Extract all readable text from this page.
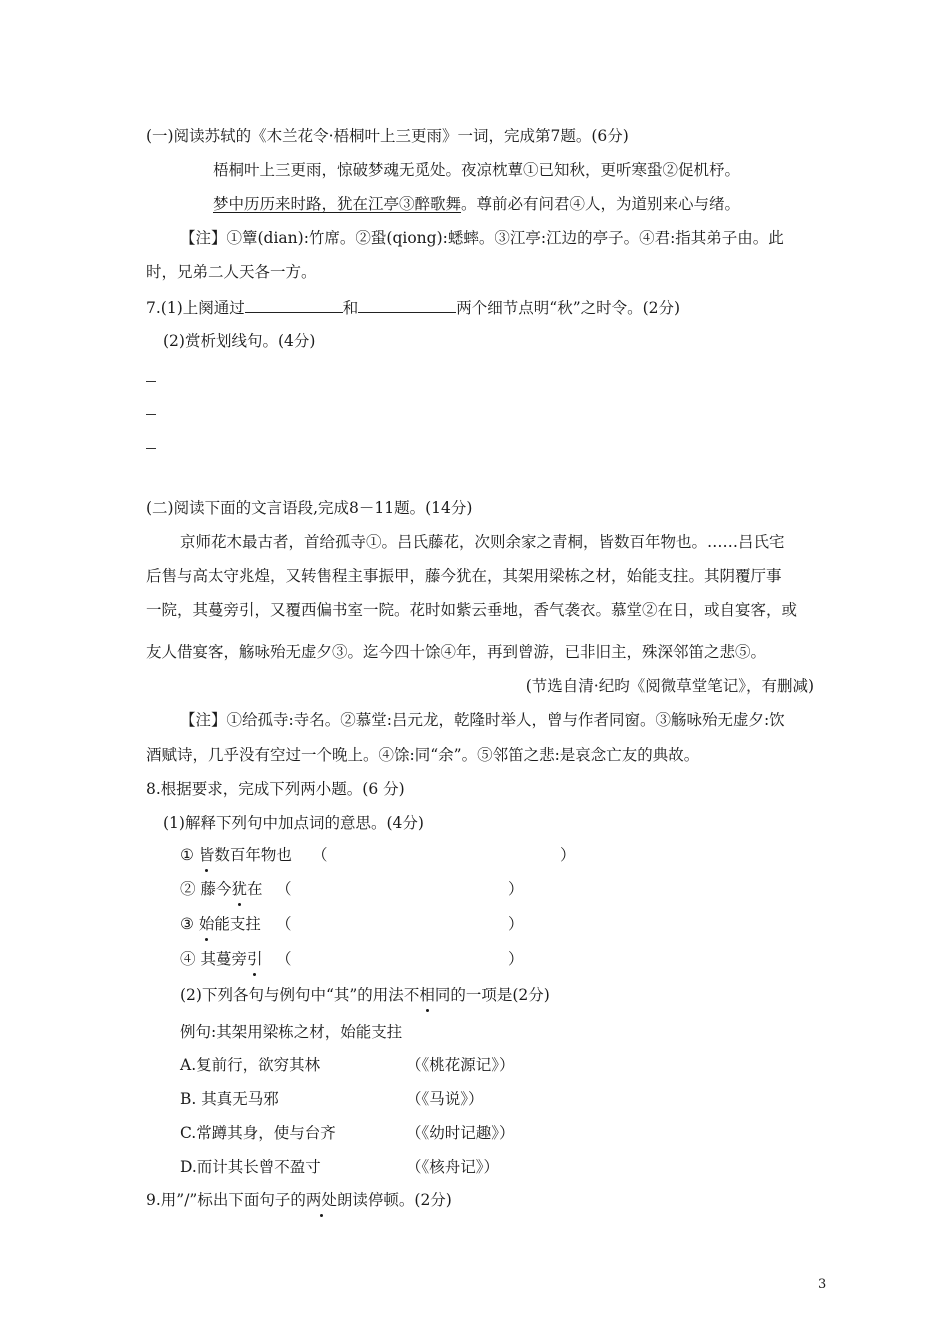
(一)阅读苏轼的《木兰花令·梧桐叶上三更雨》一词，完成第7题。(6分)
梧桐叶上三更雨，惊破梦魂无觅处。夜凉枕蕈①已知秋，更听寒蛩②促机杼。
梦中历历来时路，犹在江亭③醉歌舞。尊前必有问君④人，为道别来心与绪。
【注】①簟(dian):竹席。②蛩(qiong):蟋蟀。③江亭:江边的亭子。④君:指其弟子由。此
时，兄弟二人天各一方。
7.(1)上阕通过	和	两个细节点明“秋”之时令。(2分)
(2)赏析划线句。(4分)
(二)阅读下面的文言语段,完成8－11题。(14分)
京师花木最古者，首给孤寺①。吕氏藤花，次则余家之青桐，皆数百年物也。……吕氏宅
后售与高太守兆煌，又转售程主事振甲，藤今犹在，其架用梁栋之材，始能支拄。其阴覆厅事
一院，其蔓旁引，又覆西偏书室一院。花时如紫云垂地，香气袭衣。慕堂②在日，或自宴客，或
友人借宴客，觞咏殆无虚夕③。迄今四十馀④年，再到曾游，已非旧主，殊深邻笛之悲⑤。
(节选自清·纪昀《阅微草堂笔记》，有删减)
【注】①给孤寺:寺名。②慕堂:吕元龙，乾隆时举人，曾与作者同窗。③觞咏殆无虚夕:饮
酒赋诗，几乎没有空过一个晚上。④馀:同“余”。⑤邻笛之悲:是哀念亡友的典故。
8.根据要求，完成下列两小题。(6 分)
(1)解释下列句中加点词的意思。(4分)
① 皆数百年物也 （	）
② 藤今犹在 （	）
③ 始能支拄 （	）
④ 其蔓旁引 （	）
(2)下列各句与例句中“其”的用法不相同的一项是(2分)
例句:其架用梁栋之材，始能支拄
A.复前行，欲穷其林	（《桃花源记》）
B. 其真无马邪	（《马说》）
C.常蹲其身，使与台齐	（《幼时记趣》）
D.而计其长曾不盈寸	（《核舟记》）
9.用”/”标出下面句子的两处朗读停顿。(2分)
3
